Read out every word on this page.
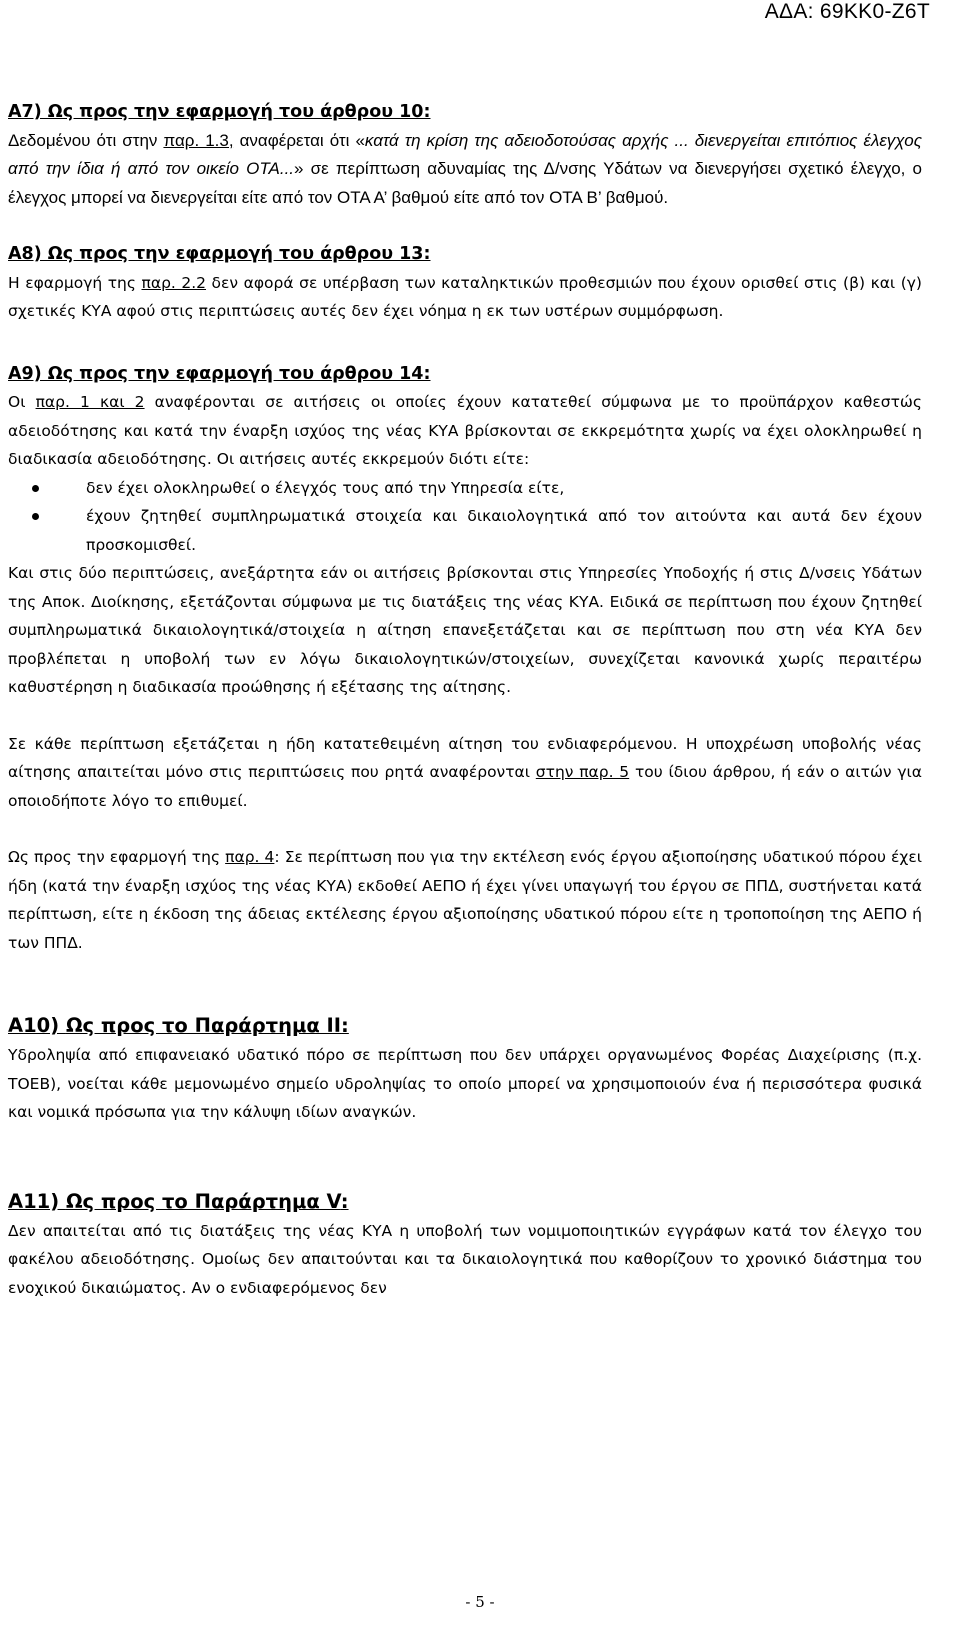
ΑΔΑ: 69ΚΚ0-Ζ6Τ
Α7) Ως προς την εφαρμογή του άρθρου 10:

Δεδομένου ότι στην παρ. 1.3, αναφέρεται ότι «κατά τη κρίση της αδειοδοτούσας αρχής ... διενεργείται επιτόπιος έλεγχος από την ίδια ή από τον οικείο ΟΤΑ...» σε περίπτωση αδυναμίας της Δ/νσης Υδάτων να διενεργήσει σχετικό έλεγχο, ο έλεγχος μπορεί να διενεργείται είτε από τον ΟΤΑ Α’ βαθμού είτε από τον ΟΤΑ Β’ βαθμού.

Α8) Ως προς την εφαρμογή του άρθρου 13:

Η εφαρμογή της παρ. 2.2 δεν αφορά σε υπέρβαση των καταληκτικών προθεσμιών που έχουν ορισθεί στις (β) και (γ) σχετικές ΚΥΑ αφού στις περιπτώσεις αυτές δεν έχει νόημα η εκ των υστέρων συμμόρφωση.

Α9) Ως προς την εφαρμογή του άρθρου 14:

Οι παρ. 1 και 2 αναφέρονται σε αιτήσεις οι οποίες έχουν κατατεθεί σύμφωνα με το προϋπάρχον καθεστώς αδειοδότησης και κατά την έναρξη ισχύος της νέας ΚΥΑ βρίσκονται σε εκκρεμότητα χωρίς να έχει ολοκληρωθεί η διαδικασία αδειοδότησης. Οι αιτήσεις αυτές εκκρεμούν διότι είτε:

δεν έχει ολοκληρωθεί ο έλεγχός τους από την Υπηρεσία είτε,
έχουν ζητηθεί συμπληρωματικά στοιχεία και δικαιολογητικά από τον αιτούντα και αυτά δεν έχουν προσκομισθεί.

Και στις δύο περιπτώσεις, ανεξάρτητα εάν οι αιτήσεις βρίσκονται στις Υπηρεσίες Υποδοχής ή στις Δ/νσεις Υδάτων της Αποκ. Διοίκησης, εξετάζονται σύμφωνα με τις διατάξεις της νέας ΚΥΑ. Ειδικά σε περίπτωση που έχουν ζητηθεί συμπληρωματικά δικαιολογητικά/στοιχεία η αίτηση επανεξετάζεται και σε περίπτωση που στη νέα ΚΥΑ δεν προβλέπεται η υποβολή των εν λόγω δικαιολογητικών/στοιχείων, συνεχίζεται κανονικά χωρίς περαιτέρω καθυστέρηση η διαδικασία προώθησης ή εξέτασης της αίτησης.

Σε κάθε περίπτωση εξετάζεται η ήδη κατατεθειμένη αίτηση του ενδιαφερόμενου. Η υποχρέωση υποβολής νέας αίτησης απαιτείται μόνο στις περιπτώσεις που ρητά αναφέρονται στην παρ. 5 του ίδιου άρθρου, ή εάν ο αιτών για οποιοδήποτε λόγο το επιθυμεί.

Ως προς την εφαρμογή της παρ. 4: Σε περίπτωση που για την εκτέλεση ενός έργου αξιοποίησης υδατικού πόρου έχει ήδη (κατά την έναρξη ισχύος της νέας ΚΥΑ) εκδοθεί ΑΕΠΟ ή έχει γίνει υπαγωγή του έργου σε ΠΠΔ, συστήνεται κατά περίπτωση, είτε η έκδοση της άδειας εκτέλεσης έργου αξιοποίησης υδατικού πόρου είτε η τροποποίηση της ΑΕΠΟ ή των ΠΠΔ.

Α10) Ως προς το Παράρτημα ΙΙ:

Υδροληψία από επιφανειακό υδατικό πόρο σε περίπτωση που δεν υπάρχει οργανωμένος Φορέας Διαχείρισης (π.χ. ΤΟΕΒ), νοείται κάθε μεμονωμένο σημείο υδροληψίας το οποίο μπορεί να χρησιμοποιούν ένα ή περισσότερα φυσικά και νομικά πρόσωπα για την κάλυψη ιδίων αναγκών.

Α11) Ως προς το Παράρτημα V:

Δεν απαιτείται από τις διατάξεις της νέας ΚΥΑ η υποβολή των νομιμοποιητικών εγγράφων κατά τον έλεγχο του φακέλου αδειοδότησης. Ομοίως δεν απαιτούνται και τα δικαιολογητικά που καθορίζουν το χρονικό διάστημα του ενοχικού δικαιώματος. Αν ο ενδιαφερόμενος δεν

- 5 -
